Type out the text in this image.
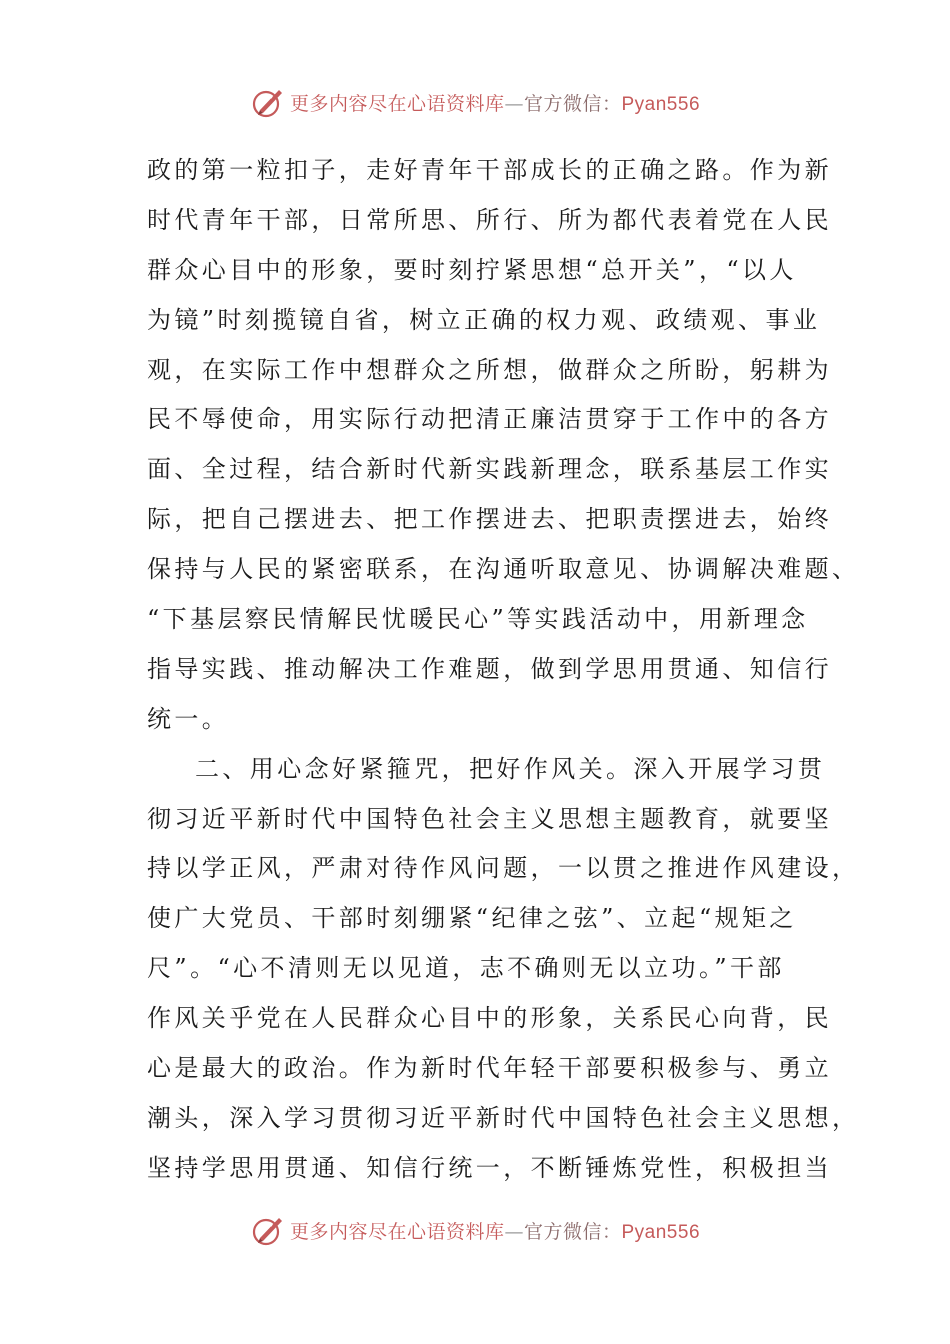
更多内容尽在心语资料库—官方微信：Pyan556
政的第一粒扣子，走好青年干部成长的正确之路。作为新
时代青年干部，日常所思、所行、所为都代表着党在人民
群众心目中的形象，要时刻拧紧思想“总开关”，“以人
为镜”时刻揽镜自省，树立正确的权力观、政绩观、事业
观，在实际工作中想群众之所想，做群众之所盼，躬耕为
民不辱使命，用实际行动把清正廉洁贯穿于工作中的各方
面、全过程，结合新时代新实践新理念，联系基层工作实
际，把自己摆进去、把工作摆进去、把职责摆进去，始终
保持与人民的紧密联系，在沟通听取意见、协调解决难题、
“下基层察民情解民忧暖民心”等实践活动中，用新理念
指导实践、推动解决工作难题，做到学思用贯通、知信行
统一。
二、用心念好紧箍咒，把好作风关。深入开展学习贯
彻习近平新时代中国特色社会主义思想主题教育，就要坚
持以学正风，严肃对待作风问题，一以贯之推进作风建设，
使广大党员、干部时刻绷紧“纪律之弦”、立起“规矩之
尺”。“心不清则无以见道，志不确则无以立功。”干部
作风关乎党在人民群众心目中的形象，关系民心向背，民
心是最大的政治。作为新时代年轻干部要积极参与、勇立
潮头，深入学习贯彻习近平新时代中国特色社会主义思想，
坚持学思用贯通、知信行统一，不断锤炼党性，积极担当
更多内容尽在心语资料库—官方微信：Pyan556
